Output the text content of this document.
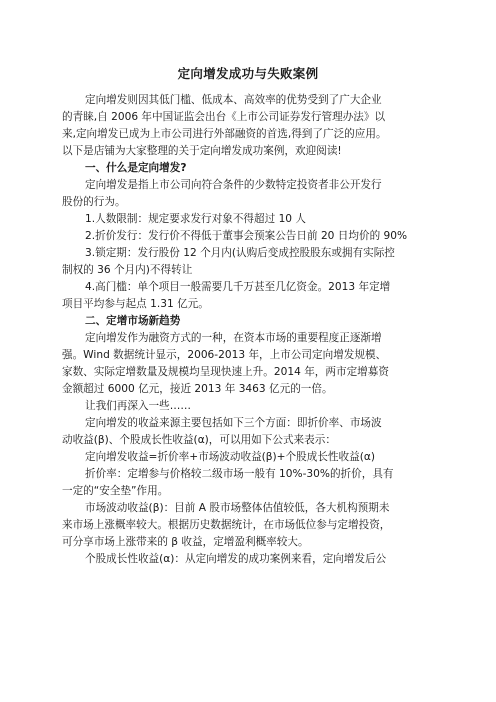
定向增发成功与失败案例
定向增发则因其低门槛、低成本、高效率的优势受到了广大企业
的青睐,自 2006 年中国证监会出台《上市公司证券发行管理办法》以
来,定向增发已成为上市公司进行外部融资的首选,得到了广泛的应用。
以下是店铺为大家整理的关于定向增发成功案例，欢迎阅读!
一、什么是定向增发?
定向增发是指上市公司向符合条件的少数特定投资者非公开发行
股份的行为。
1.人数限制：规定要求发行对象不得超过 10 人
2.折价发行：发行价不得低于董事会预案公告日前 20 日均价的 90%
3.锁定期：发行股份 12 个月内(认购后变成控股股东或拥有实际控
制权的 36 个月内)不得转让
4.高门槛：单个项目一般需要几千万甚至几亿资金。2013 年定增
项目平均参与起点 1.31 亿元。
二、定增市场新趋势
定向增发作为融资方式的一种，在资本市场的重要程度正逐渐增
强。Wind 数据统计显示，2006-2013 年，上市公司定向增发规模、
家数、实际定增数量及规模均呈现快速上升。2014 年，两市定增募资
金额超过 6000 亿元，接近 2013 年 3463 亿元的一倍。
让我们再深入一些……
定向增发的收益来源主要包括如下三个方面：即折价率、市场波
动收益(β)、个股成长性收益(α)，可以用如下公式来表示：
定向增发收益=折价率+市场波动收益(β)+个股成长性收益(α)
折价率：定增参与价格较二级市场一般有 10%-30%的折价，具有
一定的“安全垫”作用。
市场波动收益(β)：目前 A 股市场整体估值较低，各大机构预期未
来市场上涨概率较大。根据历史数据统计，在市场低位参与定增投资，
可分享市场上涨带来的 β 收益，定增盈利概率较大。
个股成长性收益(α)：从定向增发的成功案例来看，定向增发后公
